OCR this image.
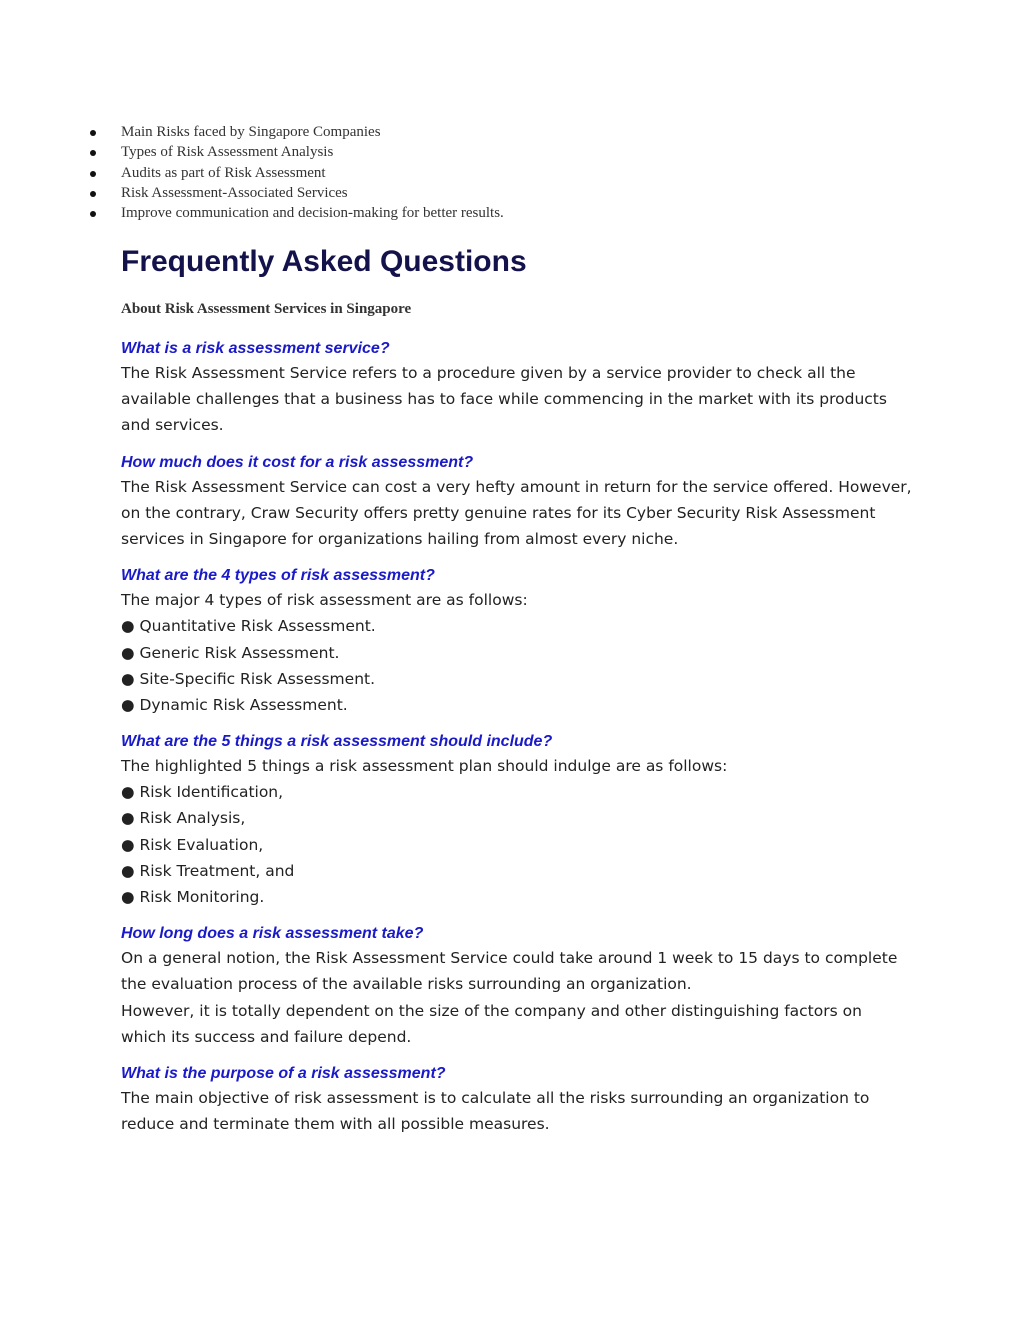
Main Risks faced by Singapore Companies
Types of Risk Assessment Analysis
Audits as part of Risk Assessment
Risk Assessment-Associated Services
Improve communication and decision-making for better results.
Frequently Asked Questions
About Risk Assessment Services in Singapore
What is a risk assessment service?
The Risk Assessment Service refers to a procedure given by a service provider to check all the
available challenges that a business has to face while commencing in the market with its products
and services.
How much does it cost for a risk assessment?
The Risk Assessment Service can cost a very hefty amount in return for the service offered. However,
on the contrary, Craw Security offers pretty genuine rates for its Cyber Security Risk Assessment
services in Singapore for organizations hailing from almost every niche.
What are the 4 types of risk assessment?
The major 4 types of risk assessment are as follows:
● Quantitative Risk Assessment.
● Generic Risk Assessment.
● Site-Specific Risk Assessment.
● Dynamic Risk Assessment.
What are the 5 things a risk assessment should include?
The highlighted 5 things a risk assessment plan should indulge are as follows:
● Risk Identification,
● Risk Analysis,
● Risk Evaluation,
● Risk Treatment, and
● Risk Monitoring.
How long does a risk assessment take?
On a general notion, the Risk Assessment Service could take around 1 week to 15 days to complete
the evaluation process of the available risks surrounding an organization.
However, it is totally dependent on the size of the company and other distinguishing factors on
which its success and failure depend.
What is the purpose of a risk assessment?
The main objective of risk assessment is to calculate all the risks surrounding an organization to
reduce and terminate them with all possible measures.
